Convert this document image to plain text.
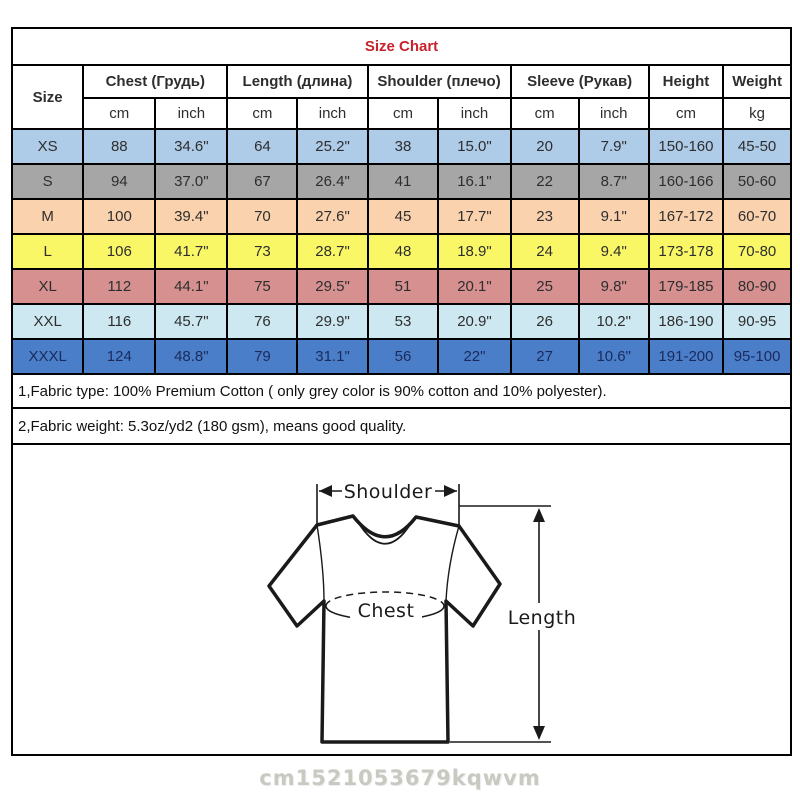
Size Chart										
Size	Chest (Грудь)		Length (длина)		Shoulder (плечо)		Sleeve (Рукав)		Height	Weight
	cm	inch	cm	inch	cm	inch	cm	inch	cm	kg
XS	88	34.6"	64	25.2"	38	15.0"	20	7.9"	150-160	45-50
S	94	37.0"	67	26.4"	41	16.1"	22	8.7"	160-166	50-60
M	100	39.4"	70	27.6"	45	17.7"	23	9.1"	167-172	60-70
L	106	41.7"	73	28.7"	48	18.9"	24	9.4"	173-178	70-80
XL	112	44.1"	75	29.5"	51	20.1"	25	9.8"	179-185	80-90
XXL	116	45.7"	76	29.9"	53	20.9"	26	10.2"	186-190	90-95
XXXL	124	48.8"	79	31.1"	56	22"	27	10.6"	191-200	95-100
1,Fabric type: 100% Premium Cotton ( only grey color is 90% cotton and 10% polyester).
2,Fabric weight: 5.3oz/yd2 (180 gsm), means good quality.
Shoulder
Chest	Length
cm1521053679kqwvm
